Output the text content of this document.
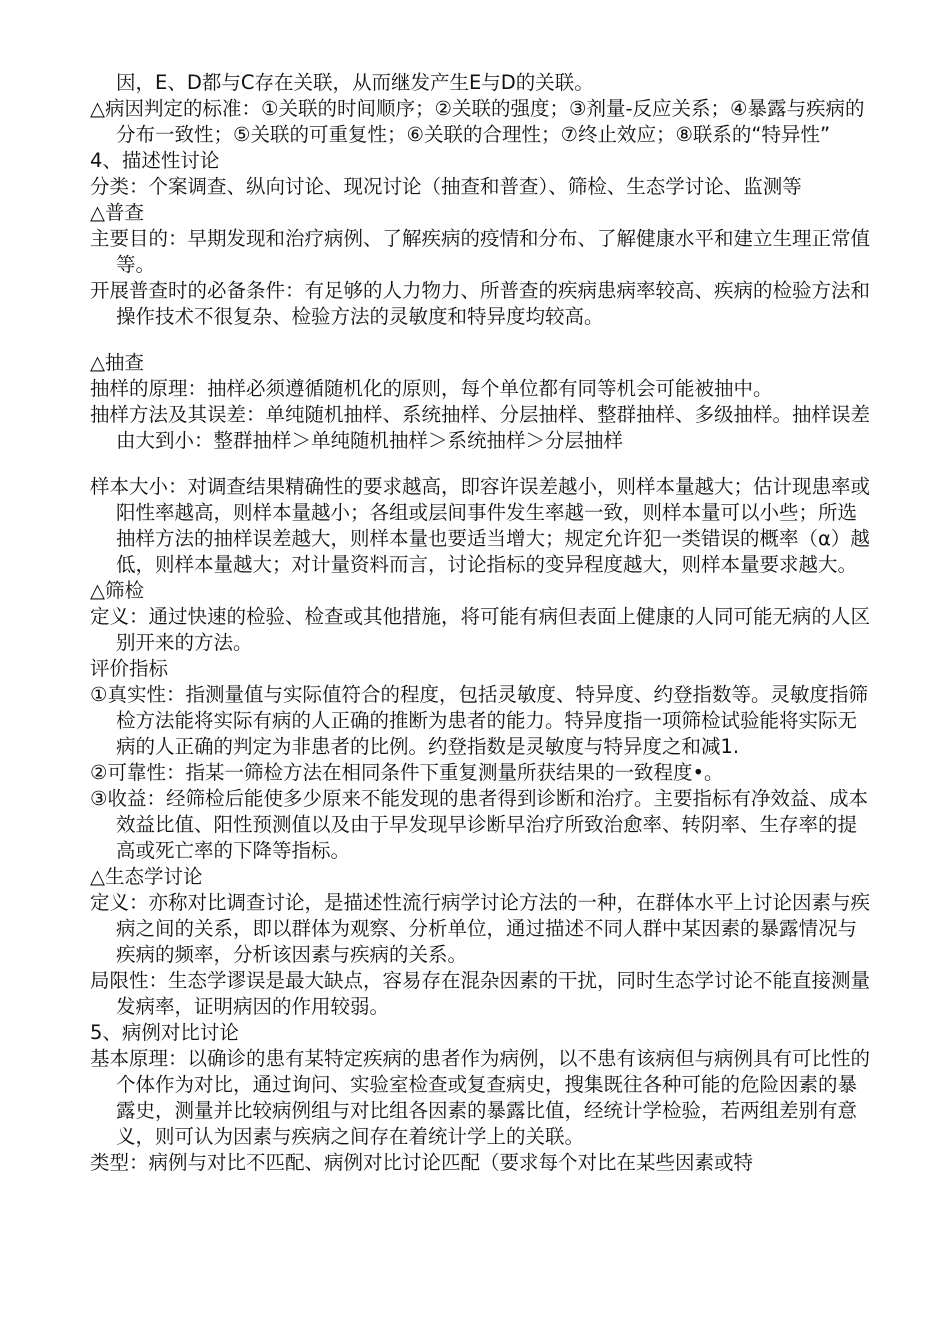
因，E、D都与C存在关联，从而继发产生E与D的关联。

△病因判定的标准：①关联的时间顺序；②关联的强度；③剂量-反应关系；④暴露与疾病的分布一致性；⑤关联的可重复性；⑥关联的合理性；⑦终止效应；⑧联系的“特异性”

4、描述性讨论

分类：个案调查、纵向讨论、现况讨论（抽查和普查）、筛检、生态学讨论、监测等

△普查

主要目的：早期发现和治疗病例、了解疾病的疫情和分布、了解健康水平和建立生理正常值等。

开展普查时的必备条件：有足够的人力物力、所普查的疾病患病率较高、疾病的检验方法和操作技术不很复杂、检验方法的灵敏度和特异度均较高。

△抽查

抽样的原理：抽样必须遵循随机化的原则，每个单位都有同等机会可能被抽中。

抽样方法及其误差：单纯随机抽样、系统抽样、分层抽样、整群抽样、多级抽样。抽样误差由大到小：整群抽样＞单纯随机抽样＞系统抽样＞分层抽样

样本大小：对调查结果精确性的要求越高，即容许误差越小，则样本量越大；估计现患率或阳性率越高，则样本量越小；各组或层间事件发生率越一致，则样本量可以小些；所选抽样方法的抽样误差越大，则样本量也要适当增大；规定允许犯一类错误的概率（α）越低，则样本量越大；对计量资料而言，讨论指标的变异程度越大，则样本量要求越大。

△筛检

定义：通过快速的检验、检查或其他措施，将可能有病但表面上健康的人同可能无病的人区别开来的方法。

评价指标

①真实性：指测量值与实际值符合的程度，包括灵敏度、特异度、约登指数等。灵敏度指筛检方法能将实际有病的人正确的推断为患者的能力。特异度指一项筛检试验能将实际无病的人正确的判定为非患者的比例。约登指数是灵敏度与特异度之和减1.

②可靠性：指某一筛检方法在相同条件下重复测量所获结果的一致程度•。

③收益：经筛检后能使多少原来不能发现的患者得到诊断和治疗。主要指标有净效益、成本效益比值、阳性预测值以及由于早发现早诊断早治疗所致治愈率、转阴率、生存率的提高或死亡率的下降等指标。

△生态学讨论

定义：亦称对比调查讨论，是描述性流行病学讨论方法的一种，在群体水平上讨论因素与疾病之间的关系，即以群体为观察、分析单位，通过描述不同人群中某因素的暴露情况与疾病的频率，分析该因素与疾病的关系。

局限性：生态学谬误是最大缺点，容易存在混杂因素的干扰，同时生态学讨论不能直接测量发病率，证明病因的作用较弱。

5、病例对比讨论

基本原理：以确诊的患有某特定疾病的患者作为病例，以不患有该病但与病例具有可比性的个体作为对比，通过询问、实验室检查或复查病史，搜集既往各种可能的危险因素的暴露史，测量并比较病例组与对比组各因素的暴露比值，经统计学检验，若两组差别有意义，则可认为因素与疾病之间存在着统计学上的关联。

类型：病例与对比不匹配、病例对比讨论匹配（要求每个对比在某些因素或特
